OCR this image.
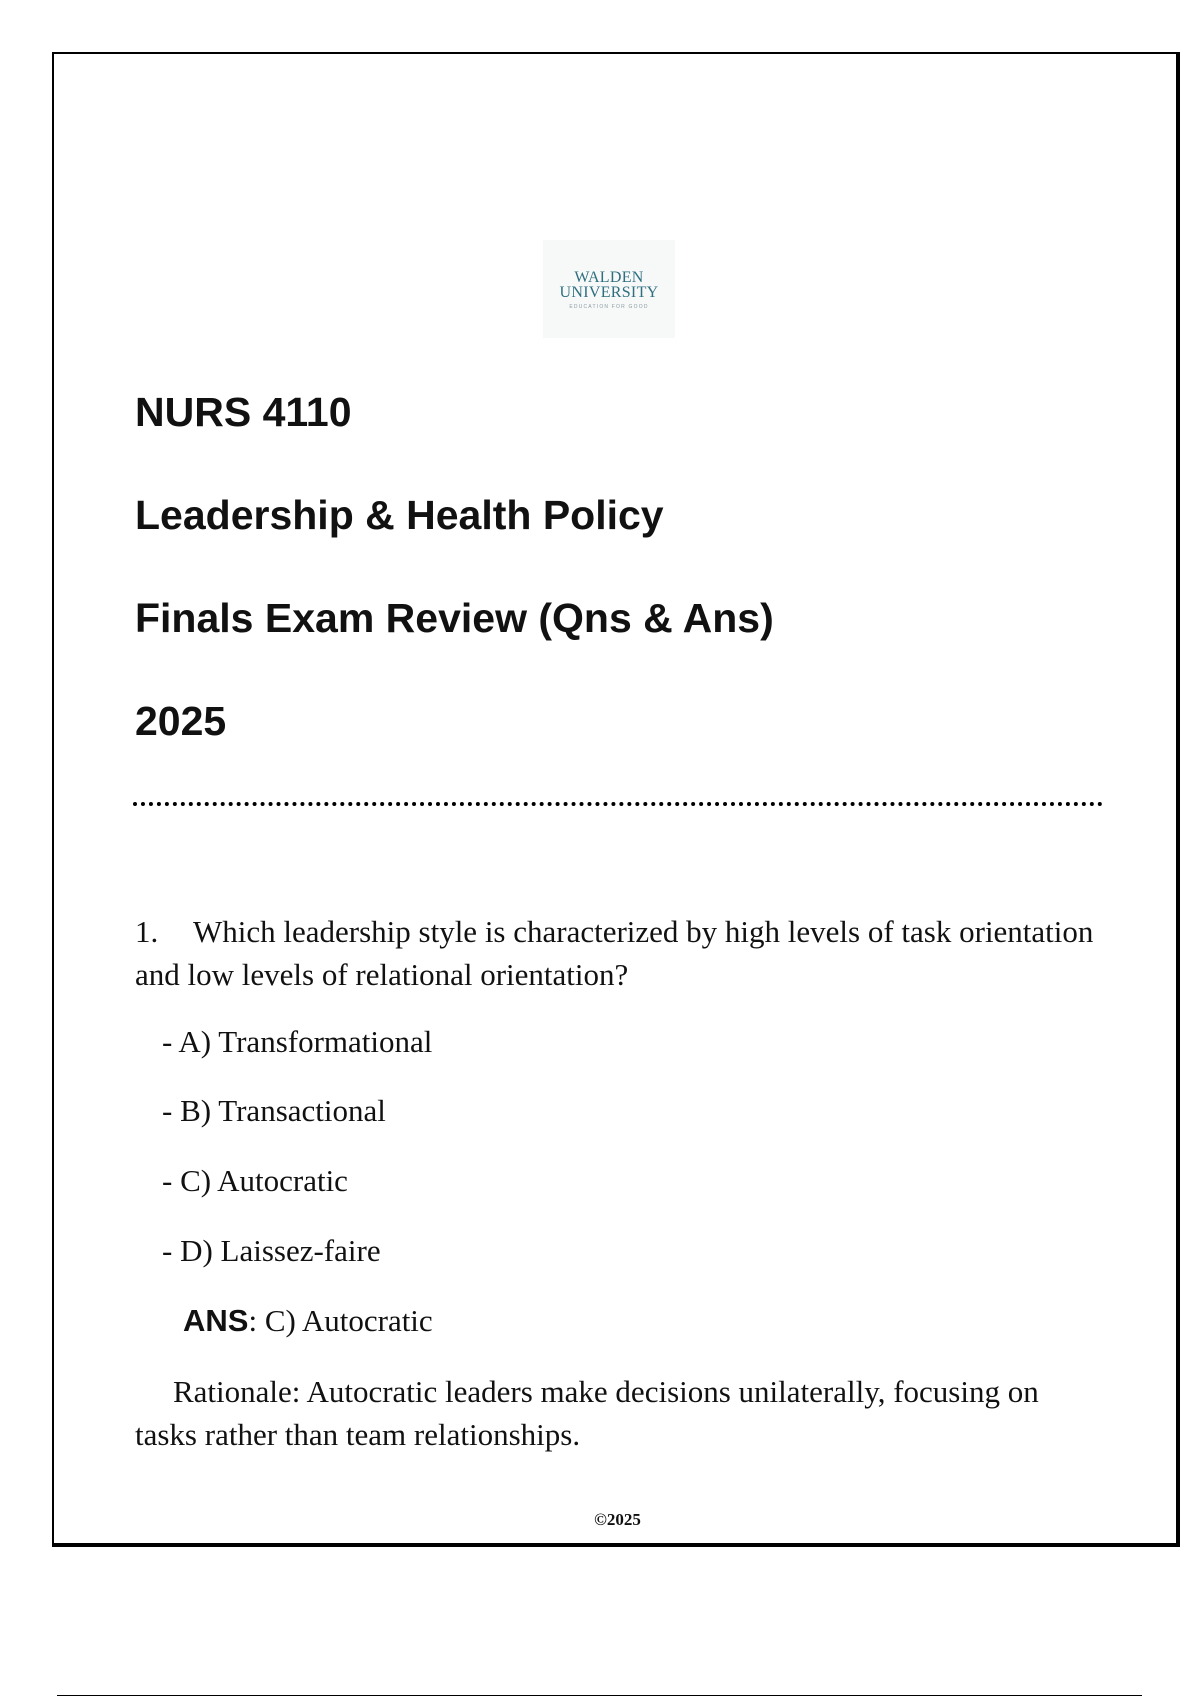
WALDEN
UNIVERSITY
EDUCATION FOR GOOD
NURS 4110
Leadership & Health Policy
Finals Exam Review (Qns & Ans)
2025
1. Which leadership style is characterized by high levels of task orientation and low levels of relational orientation?
- A) Transformational
- B) Transactional
- C) Autocratic
- D) Laissez-faire
ANS: C) Autocratic
Rationale: Autocratic leaders make decisions unilaterally, focusing on tasks rather than team relationships.
©2025
